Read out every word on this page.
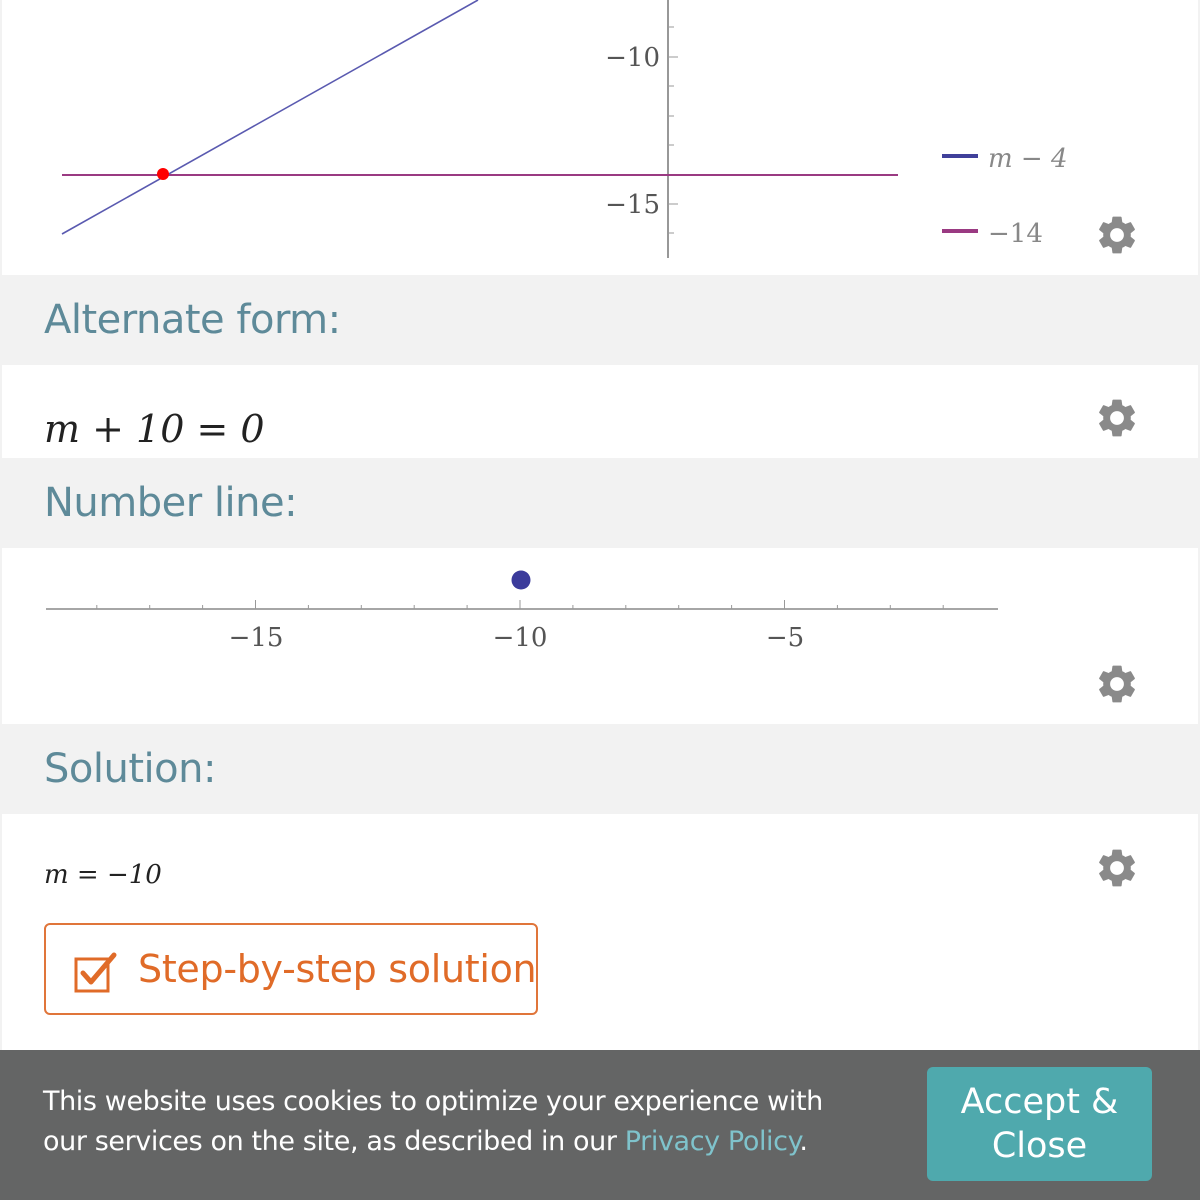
−10
−15
m − 4
−14
Alternate form:
m + 10 = 0
Number line:
−15	−10	−5
Solution:
m = −10
Step-by-step solution
This website uses cookies to optimize your experience with our services on the site, as described in our Privacy Policy.
Accept & Close
